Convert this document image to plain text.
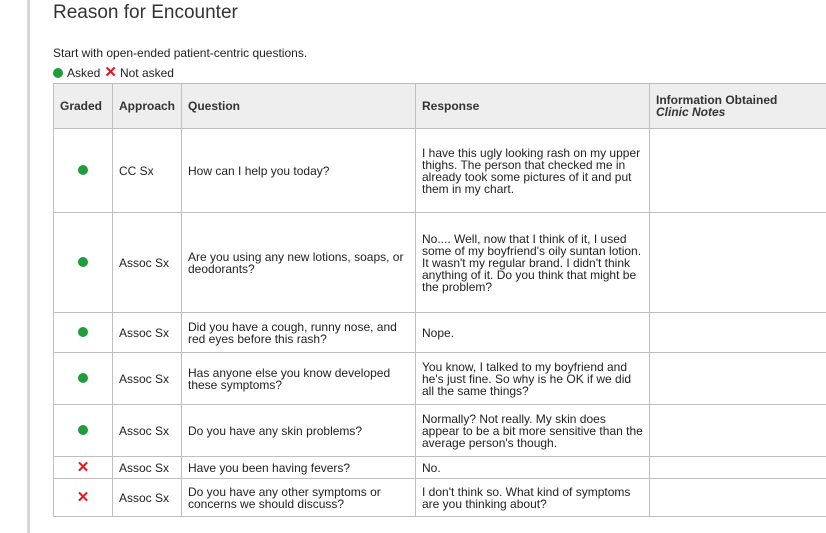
Reason for Encounter
Start with open-ended patient-centric questions.
Asked ✕ Not asked
Graded	Approach	Question	Response	Information Obtained
Clinic Notes

	CC Sx	How can I help you today?	I have this ugly looking rash on my upper thighs. The person that checked me in already took some pictures of it and put them in my chart.	
	Assoc Sx	Are you using any new lotions, soaps, or deodorants?	No.... Well, now that I think of it, I used some of my boyfriend's oily suntan lotion. It wasn't my regular brand. I didn't think anything of it. Do you think that might be the problem?	
	Assoc Sx	Did you have a cough, runny nose, and red eyes before this rash?	Nope.	
	Assoc Sx	Has anyone else you know developed these symptoms?	You know, I talked to my boyfriend and he's just fine. So why is he OK if we did all the same things?	
	Assoc Sx	Do you have any skin problems?	Normally? Not really. My skin does appear to be a bit more sensitive than the average person's though.	
✕	Assoc Sx	Have you been having fevers?	No.	
✕	Assoc Sx	Do you have any other symptoms or concerns we should discuss?	I don't think so. What kind of symptoms are you thinking about?	
